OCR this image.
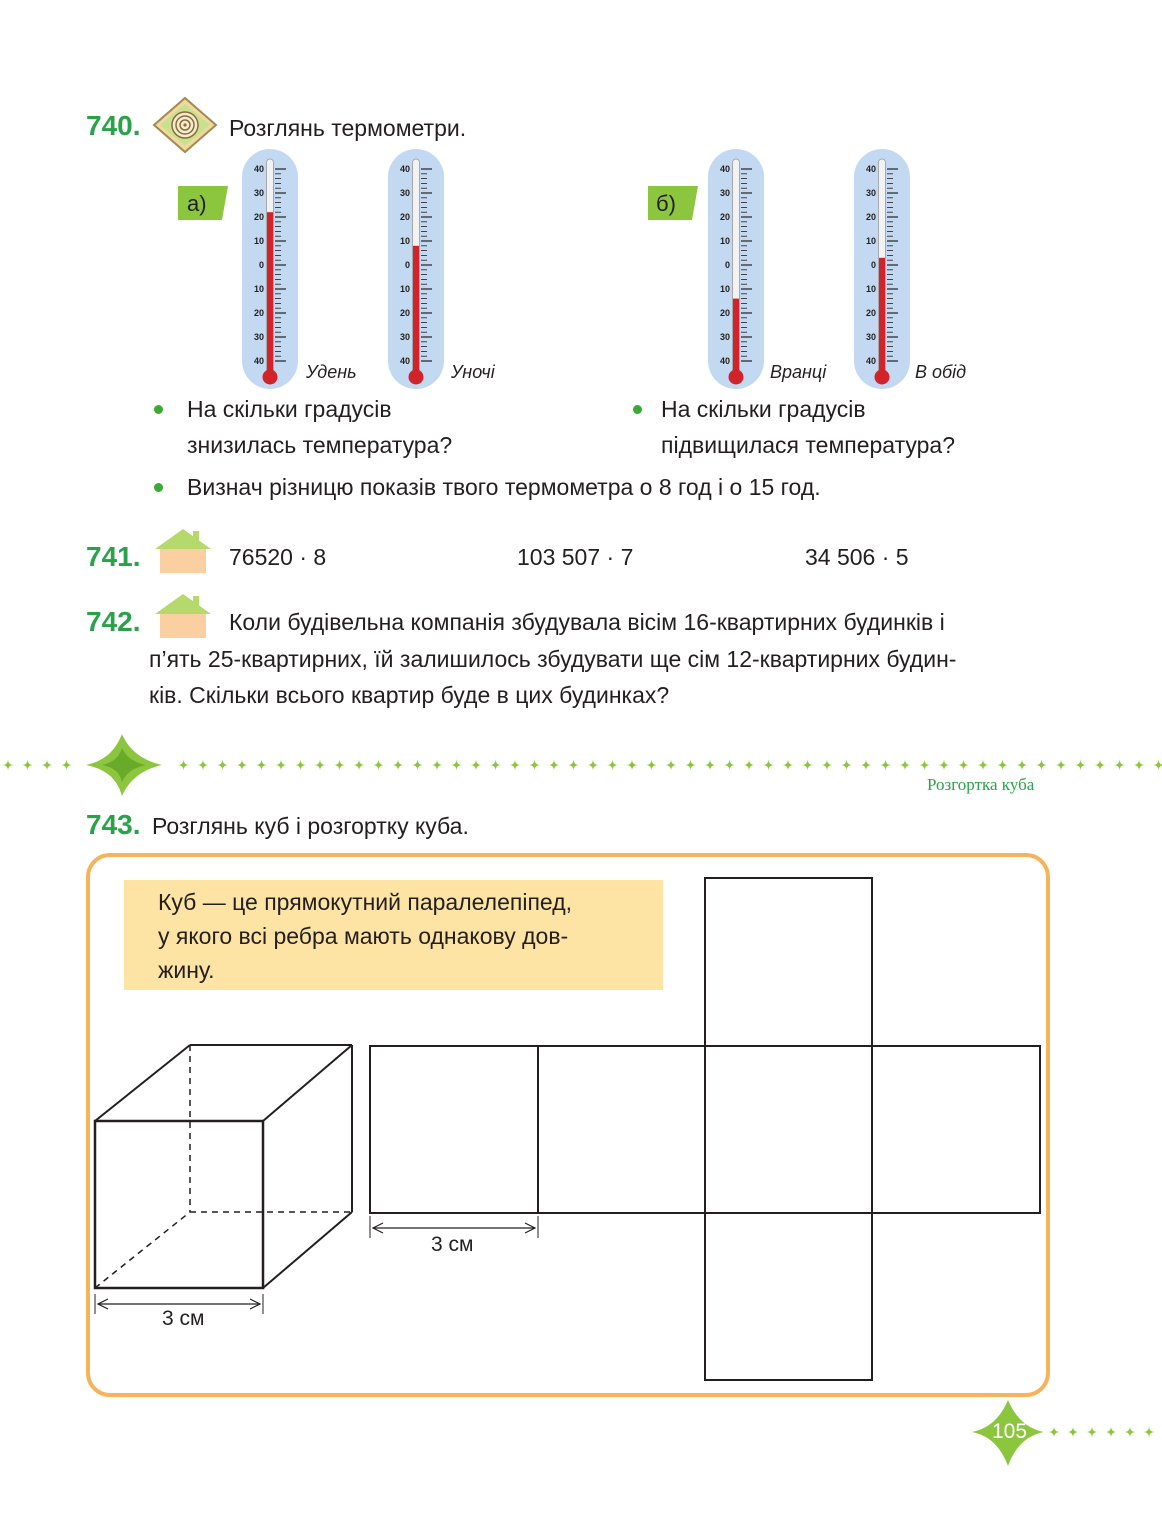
740.	Розглянь термометри.
а)	б)
40
30
20
10
0
10
20
30
40
40
30
20
10
0
10
20
30
40
40
30
20
10
0
10
20
30
40
40
30
20
10
0
10
20
30
40
Удень	Уночі	Вранці	В обід
На скільки градусів
знизилась температура?
На скільки градусів
підвищилася температура?
Визнач різницю показів твого термометра о 8 год і о 15 год.
741.	76520 · 8	103 507 · 7	34 506 · 5
742.	Коли будівельна компанія збудувала вісім 16-квартирних будинків і
п’ять 25-квартирних, їй залишилось збудувати ще сім 12-квартирних будин-
ків. Скільки всього квартир буде в цих будинках?
Розгортка куба
743. Розглянь куб і розгортку куба.
Куб — це прямокутний паралелепіпед,
у якого всі ребра мають однакову дов-
жину.
3 см
3 см
105
